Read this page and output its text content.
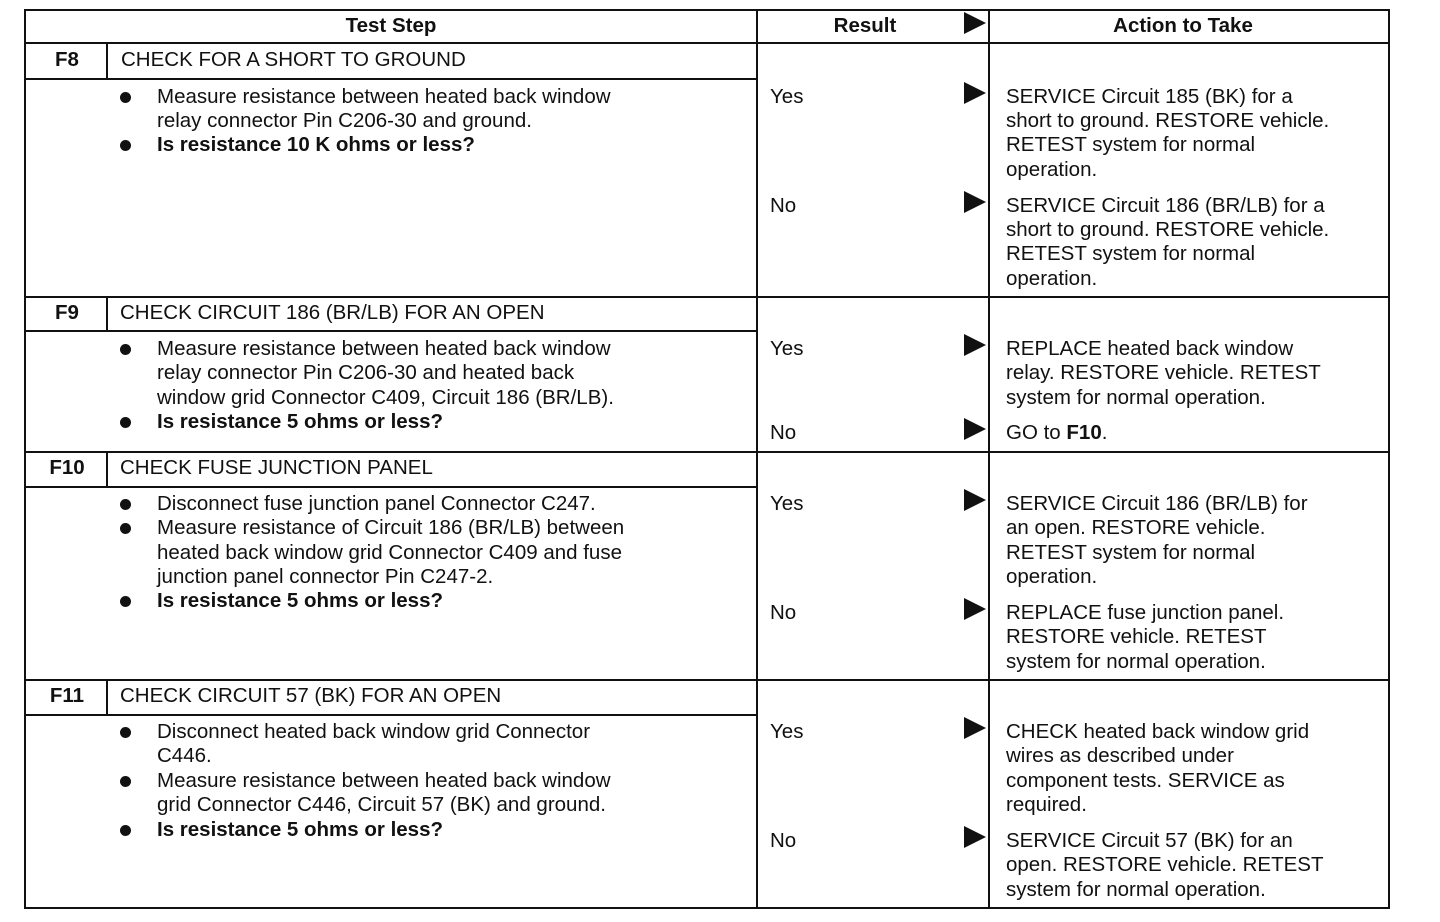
Test Step	Result	Action to Take
F8	CHECK FOR A SHORT TO GROUND
Measure resistance between heated back window
relay connector Pin C206-30 and ground.
Is resistance 10 K ohms or less?
Yes	SERVICE Circuit 185 (BK) for a
short to ground. RESTORE vehicle.
RETEST system for normal
operation.
No	SERVICE Circuit 186 (BR/LB) for a
short to ground. RESTORE vehicle.
RETEST system for normal
operation.
F9	CHECK CIRCUIT 186 (BR/LB) FOR AN OPEN
Measure resistance between heated back window
relay connector Pin C206-30 and heated back
window grid Connector C409, Circuit 186 (BR/LB).
Is resistance 5 ohms or less?
Yes	REPLACE heated back window
relay. RESTORE vehicle. RETEST
system for normal operation.
No	GO to F10.
F10	CHECK FUSE JUNCTION PANEL
Disconnect fuse junction panel Connector C247.
Measure resistance of Circuit 186 (BR/LB) between
heated back window grid Connector C409 and fuse
junction panel connector Pin C247-2.
Is resistance 5 ohms or less?
Yes	SERVICE Circuit 186 (BR/LB) for
an open. RESTORE vehicle.
RETEST system for normal
operation.
No	REPLACE fuse junction panel.
RESTORE vehicle. RETEST
system for normal operation.
F11	CHECK CIRCUIT 57 (BK) FOR AN OPEN
Disconnect heated back window grid Connector
C446.
Measure resistance between heated back window
grid Connector C446, Circuit 57 (BK) and ground.
Is resistance 5 ohms or less?
Yes	CHECK heated back window grid
wires as described under
component tests. SERVICE as
required.
No	SERVICE Circuit 57 (BK) for an
open. RESTORE vehicle. RETEST
system for normal operation.
